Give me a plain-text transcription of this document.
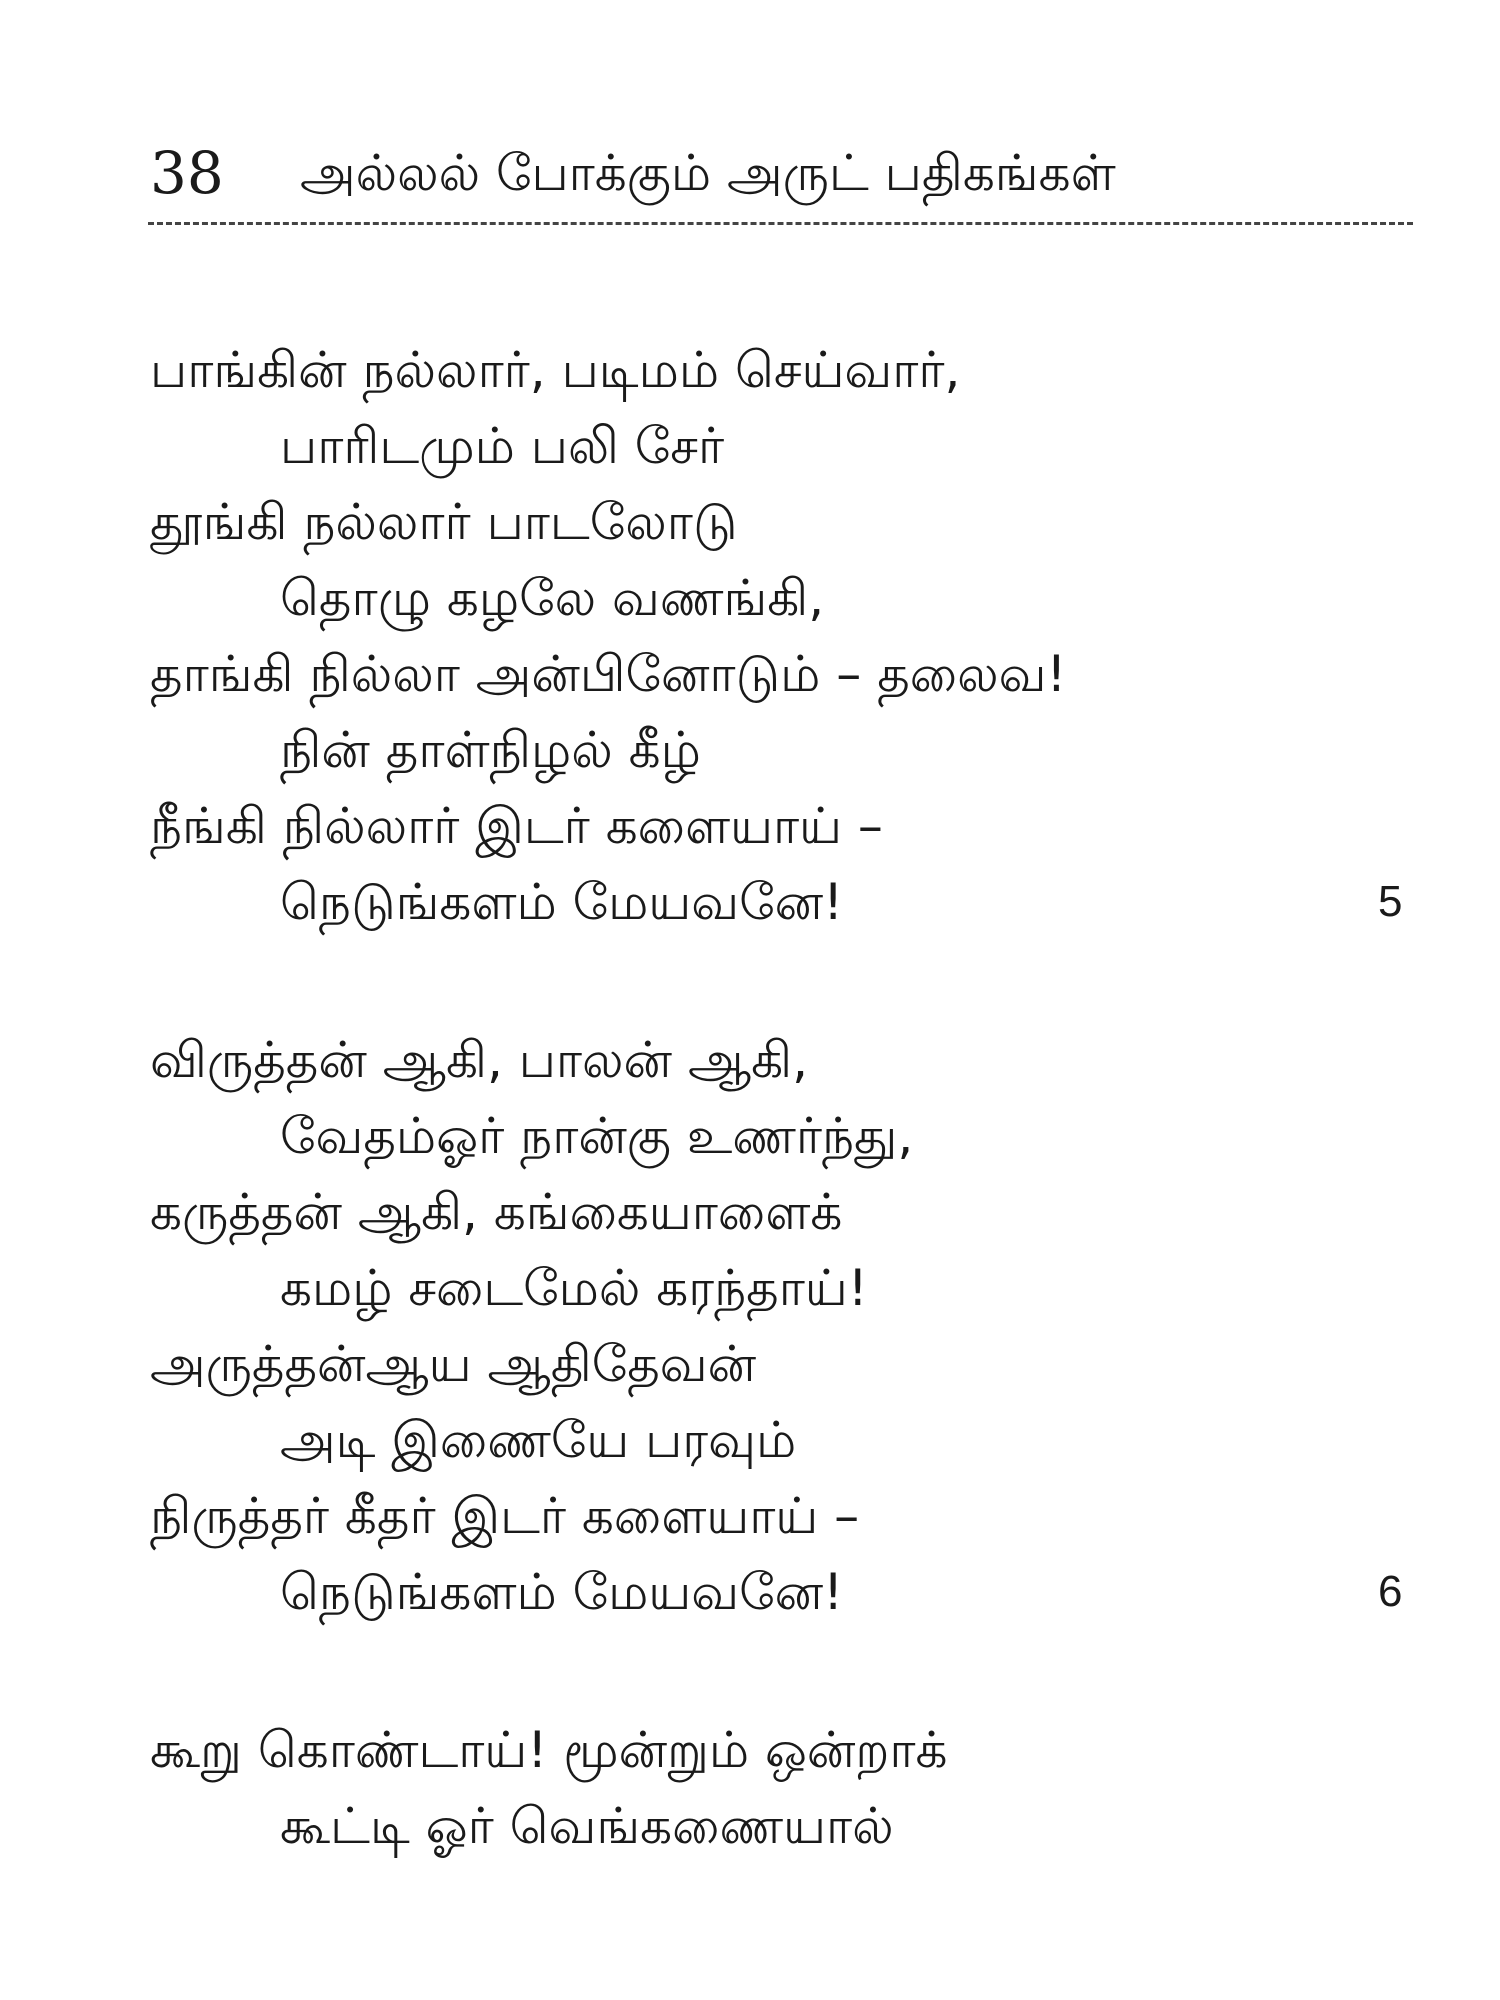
38 அல்லல் போக்கும் அருட் பதிகங்கள்
பாங்கின் நல்லார், படிமம் செய்வார்,
பாரிடமும் பலி சேர்
தூங்கி நல்லார் பாடலோடு
தொழு கழலே வணங்கி,
தாங்கி நில்லா அன்பினோடும் – தலைவ!
நின் தாள்நிழல் கீழ்
நீங்கி நில்லார் இடர் களையாய் –
நெடுங்களம் மேயவனே!	5
விருத்தன் ஆகி, பாலன் ஆகி,
வேதம்ஓர் நான்கு உணர்ந்து,
கருத்தன் ஆகி, கங்கையாளைக்
கமழ் சடைமேல் கரந்தாய்!
அருத்தன்ஆய ஆதிதேவன்
அடி இணையே பரவும்
நிருத்தர் கீதர் இடர் களையாய் –
நெடுங்களம் மேயவனே!	6
கூறு கொண்டாய்! மூன்றும் ஒன்றாக்
கூட்டி ஓர் வெங்கணையால்
